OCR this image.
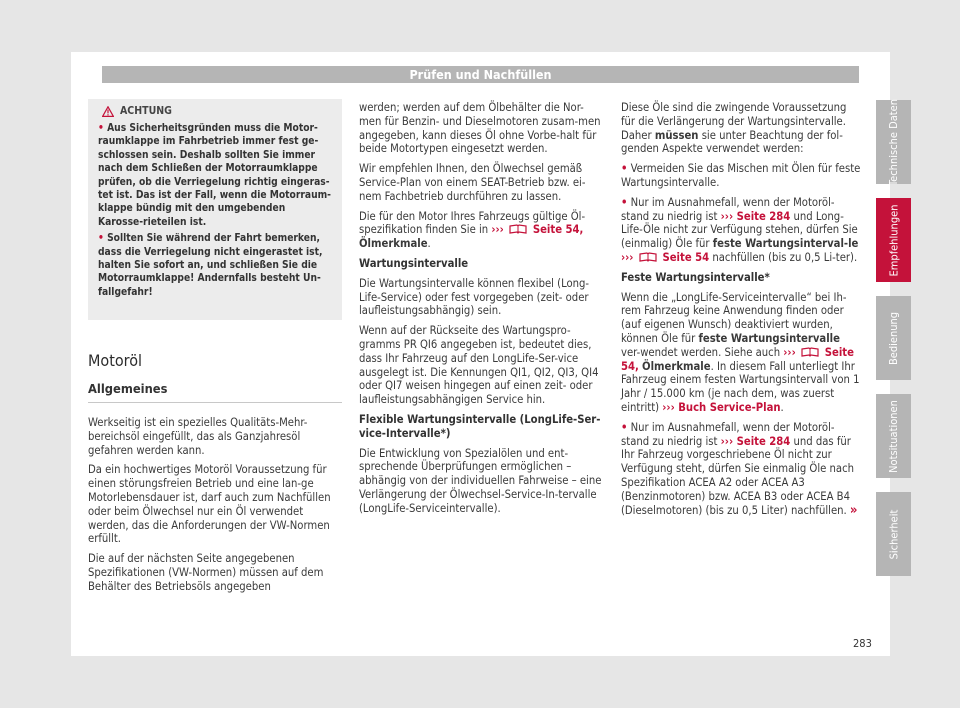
Prüfen und Nachfüllen
ACHTUNG

• Aus Sicherheitsgründen muss die Motor-raumklappe im Fahrbetrieb immer fest ge-schlossen sein. Deshalb sollten Sie immer nach dem Schließen der Motorraumklappe prüfen, ob die Verriegelung richtig eingeras-tet ist. Das ist der Fall, wenn die Motorraum-klappe bündig mit den umgebenden Karosse-rieteilen ist.

• Sollten Sie während der Fahrt bemerken, dass die Verriegelung nicht eingerastet ist, halten Sie sofort an, und schließen Sie die Motorraumklappe! Andernfalls besteht Un-fallgefahr!

Motoröl
Allgemeines

Werkseitig ist ein spezielles Qualitäts-Mehr-bereichsöl eingefüllt, das als Ganzjahresöl gefahren werden kann.

Da ein hochwertiges Motoröl Voraussetzung für einen störungsfreien Betrieb und eine lan-ge Motorlebensdauer ist, darf auch zum Nachfüllen oder beim Ölwechsel nur ein Öl verwendet werden, das die Anforderungen der VW-Normen erfüllt.

Die auf der nächsten Seite angegebenen Spezifikationen (VW-Normen) müssen auf dem Behälter des Betriebsöls angegeben

werden; werden auf dem Ölbehälter die Nor-men für Benzin- und Dieselmotoren zusam-men angegeben, kann dieses Öl ohne Vorbe-halt für beide Motortypen eingesetzt werden.

Wir empfehlen Ihnen, den Ölwechsel gemäß Service-Plan von einem SEAT-Betrieb bzw. ei-nem Fachbetrieb durchführen zu lassen.

Die für den Motor Ihres Fahrzeugs gültige Öl-spezifikation finden Sie in ›››	Seite 54, Ölmerkmale.

Wartungsintervalle

Die Wartungsintervalle können flexibel (Long-Life-Service) oder fest vorgegeben (zeit- oder laufleistungsabhängig) sein.

Wenn auf der Rückseite des Wartungspro-gramms PR QI6 angegeben ist, bedeutet dies, dass Ihr Fahrzeug auf den LongLife-Ser-vice ausgelegt ist. Die Kennungen QI1, QI2, QI3, QI4 oder QI7 weisen hingegen auf einen zeit- oder laufleistungsabhängigen Service hin.

Flexible Wartungsintervalle (LongLife-Ser-vice-Intervalle*)

Die Entwicklung von Spezialölen und ent-sprechende Überprüfungen ermöglichen – abhängig von der individuellen Fahrweise – eine Verlängerung der Ölwechsel-Service-In-tervalle (LongLife-Serviceintervalle).

Diese Öle sind die zwingende Voraussetzung für die Verlängerung der Wartungsintervalle. Daher müssen sie unter Beachtung der fol-genden Aspekte verwendet werden:

• Vermeiden Sie das Mischen mit Ölen für feste Wartungsintervalle.

• Nur im Ausnahmefall, wenn der Motoröl-stand zu niedrig ist ››› Seite 284 und Long-Life-Öle nicht zur Verfügung stehen, dürfen Sie (einmalig) Öle für feste Wartungsinterval-le ›››	Seite 54 nachfüllen (bis zu 0,5 Li-ter).

Feste Wartungsintervalle*

Wenn die „LongLife-Serviceintervalle“ bei Ih-rem Fahrzeug keine Anwendung finden oder (auf eigenen Wunsch) deaktiviert wurden, können Öle für feste Wartungsintervalle ver-wendet werden. Siehe auch ›››	Seite 54, Ölmerkmale. In diesem Fall unterliegt Ihr Fahrzeug einem festen Wartungsintervall von 1 Jahr / 15.000 km (je nach dem, was zuerst eintritt) ››› Buch Service-Plan.

• Nur im Ausnahmefall, wenn der Motoröl-stand zu niedrig ist ››› Seite 284 und das für Ihr Fahrzeug vorgeschriebene Öl nicht zur Verfügung steht, dürfen Sie einmalig Öle nach Spezifikation ACEA A2 oder ACEA A3 (Benzinmotoren) bzw. ACEA B3 oder ACEA B4 (Dieselmotoren) (bis zu 0,5 Liter) nachfüllen. »

Technische Daten
Empfehlungen
Bedienung
Notsituationen
Sicherheit
283
